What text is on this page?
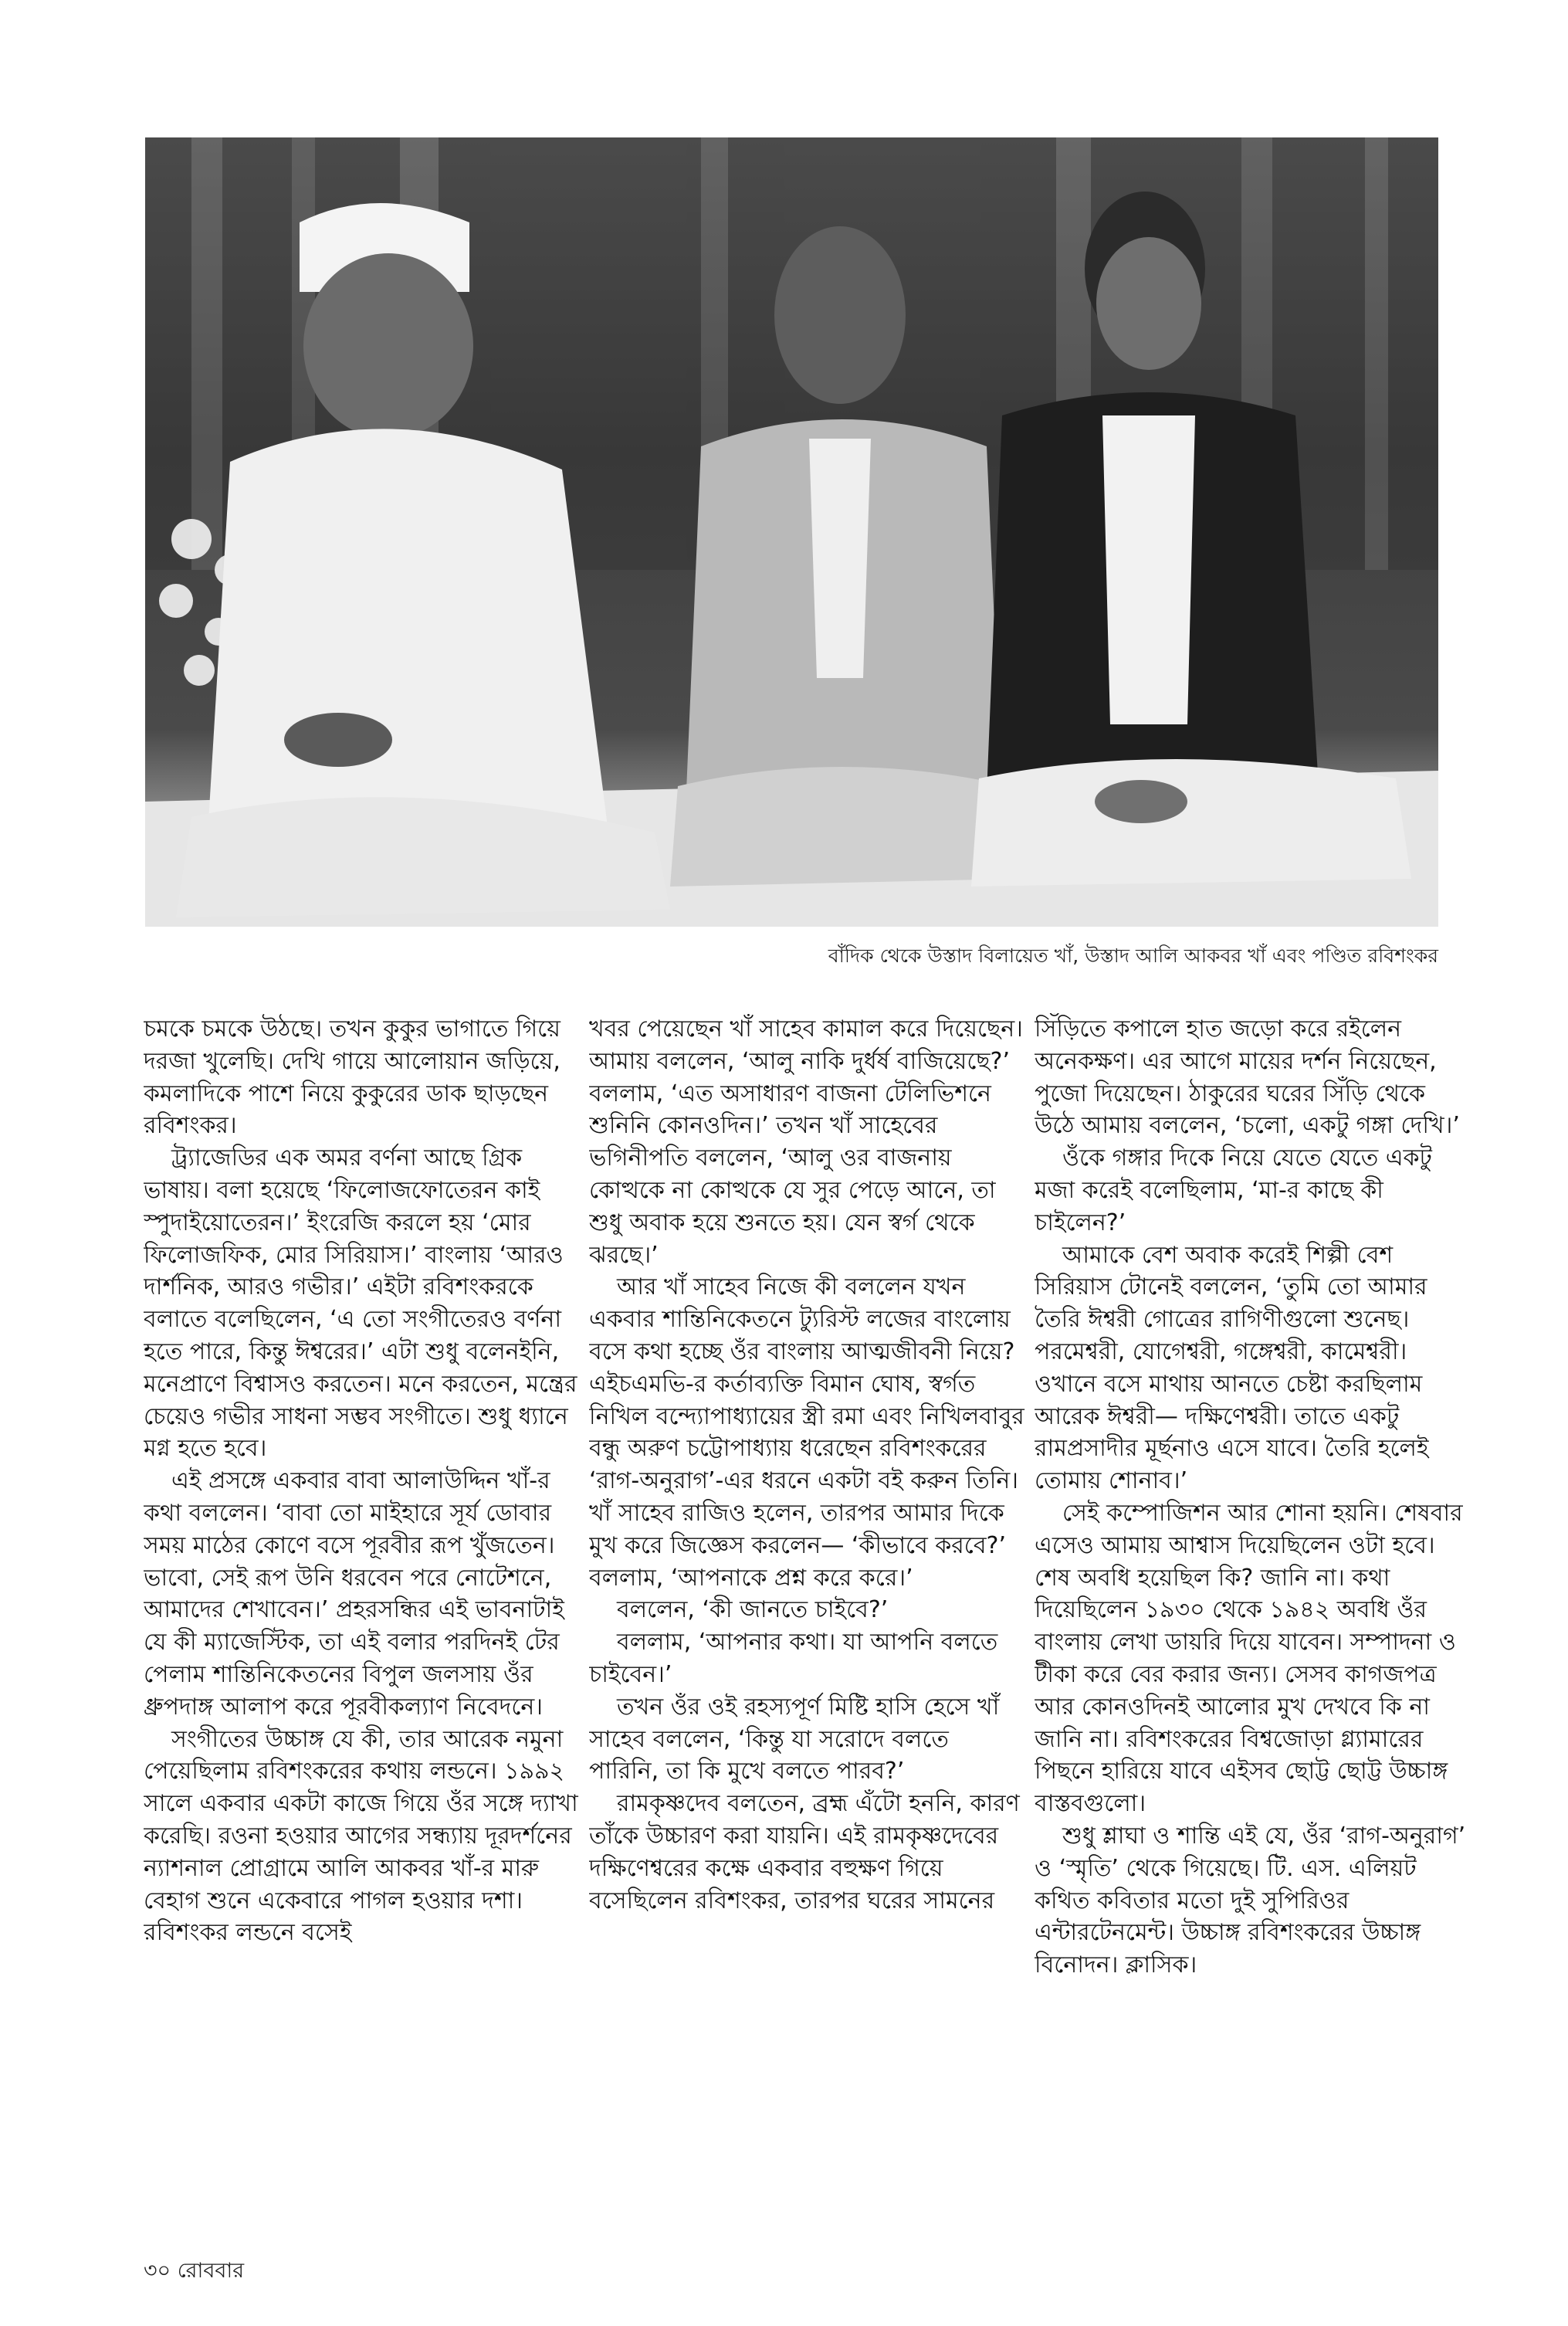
বাঁদিক থেকে উস্তাদ বিলায়েত খাঁ, উস্তাদ আলি আকবর খাঁ এবং পণ্ডিত রবিশংকর

চমকে চমকে উঠছে। তখন কুকুর ভাগাতে গিয়ে দরজা খুলেছি। দেখি গায়ে আলোয়ান জড়িয়ে, কমলাদিকে পাশে নিয়ে কুকুরের ডাক ছাড়ছেন রবিশংকর।

ট্র্যাজেডির এক অমর বর্ণনা আছে গ্রিক ভাষায়। বলা হয়েছে ‘ফিলোজফোতেরন কাই স্পুদাইয়োতেরন।’ ইংরেজি করলে হয় ‘মোর ফিলোজফিক, মোর সিরিয়াস।’ বাংলায় ‘আরও দার্শনিক, আরও গভীর।’ এইটা রবিশংকরকে বলাতে বলেছিলেন, ‘এ তো সংগীতেরও বর্ণনা হতে পারে, কিন্তু ঈশ্বরের।’ এটা শুধু বলেনইনি, মনেপ্রাণে বিশ্বাসও করতেন। মনে করতেন, মন্ত্রের চেয়েও গভীর সাধনা সম্ভব সংগীতে। শুধু ধ্যানে মগ্ন হতে হবে।

এই প্রসঙ্গে একবার বাবা আলাউদ্দিন খাঁ-র কথা বললেন। ‘বাবা তো মাইহারে সূর্য ডোবার সময় মাঠের কোণে বসে পূরবীর রূপ খুঁজতেন। ভাবো, সেই রূপ উনি ধরবেন পরে নোটেশনে, আমাদের শেখাবেন।’ প্রহরসন্ধির এই ভাবনাটাই যে কী ম্যাজেস্টিক, তা এই বলার পরদিনই টের পেলাম শান্তিনিকেতনের বিপুল জলসায় ওঁর ধ্রুপদাঙ্গ আলাপ করে পূরবীকল্যাণ নিবেদনে।

সংগীতের উচ্চাঙ্গ যে কী, তার আরেক নমুনা পেয়েছিলাম রবিশংকরের কথায় লন্ডনে। ১৯৯২ সালে একবার একটা কাজে গিয়ে ওঁর সঙ্গে দ্যাখা করেছি। রওনা হওয়ার আগের সন্ধ্যায় দূরদর্শনের ন্যাশনাল প্রোগ্রামে আলি আকবর খাঁ-র মারু বেহাগ শুনে একেবারে পাগল হওয়ার দশা। রবিশংকর লন্ডনে বসেই

খবর পেয়েছেন খাঁ সাহেব কামাল করে দিয়েছেন। আমায় বললেন, ‘আলু নাকি দুর্ধর্ষ বাজিয়েছে?’ বললাম, ‘এত অসাধারণ বাজনা টেলিভিশনে শুনিনি কোনওদিন।’ তখন খাঁ সাহেবের ভগিনীপতি বললেন, ‘আলু ওর বাজনায় কোত্থকে না কোত্থকে যে সুর পেড়ে আনে, তা শুধু অবাক হয়ে শুনতে হয়। যেন স্বর্গ থেকে ঝরছে।’

আর খাঁ সাহেব নিজে কী বললেন যখন একবার শান্তিনিকেতনে ট্যুরিস্ট লজের বাংলোয় বসে কথা হচ্ছে ওঁর বাংলায় আত্মজীবনী নিয়ে? এইচএমভি-র কর্তাব্যক্তি বিমান ঘোষ, স্বর্গত নিখিল বন্দ্যোপাধ্যায়ের স্ত্রী রমা এবং নিখিলবাবুর বন্ধু অরুণ চট্টোপাধ্যায় ধরেছেন রবিশংকরের ‘রাগ-অনুরাগ’-এর ধরনে একটা বই করুন তিনি। খাঁ সাহেব রাজিও হলেন, তারপর আমার দিকে মুখ করে জিজ্ঞেস করলেন— ‘কীভাবে করবে?’ বললাম, ‘আপনাকে প্রশ্ন করে করে।’

বললেন, ‘কী জানতে চাইবে?’

বললাম, ‘আপনার কথা। যা আপনি বলতে চাইবেন।’

তখন ওঁর ওই রহস্যপূর্ণ মিষ্টি হাসি হেসে খাঁ সাহেব বললেন, ‘কিন্তু যা সরোদে বলতে পারিনি, তা কি মুখে বলতে পারব?’

রামকৃষ্ণদেব বলতেন, ব্রহ্ম এঁটো হননি, কারণ তাঁকে উচ্চারণ করা যায়নি। এই রামকৃষ্ণদেবের দক্ষিণেশ্বরের কক্ষে একবার বহুক্ষণ গিয়ে বসেছিলেন রবিশংকর, তারপর ঘরের সামনের

সিঁড়িতে কপালে হাত জড়ো করে রইলেন অনেকক্ষণ। এর আগে মায়ের দর্শন নিয়েছেন, পুজো দিয়েছেন। ঠাকুরের ঘরের সিঁড়ি থেকে উঠে আমায় বললেন, ‘চলো, একটু গঙ্গা দেখি।’

ওঁকে গঙ্গার দিকে নিয়ে যেতে যেতে একটু মজা করেই বলেছিলাম, ‘মা-র কাছে কী চাইলেন?’

আমাকে বেশ অবাক করেই শিল্পী বেশ সিরিয়াস টোনেই বললেন, ‘তুমি তো আমার তৈরি ঈশ্বরী গোত্রের রাগিণীগুলো শুনেছ। পরমেশ্বরী, যোগেশ্বরী, গঙ্গেশ্বরী, কামেশ্বরী। ওখানে বসে মাথায় আনতে চেষ্টা করছিলাম আরেক ঈশ্বরী— দক্ষিণেশ্বরী। তাতে একটু রামপ্রসাদীর মূর্ছনাও এসে যাবে। তৈরি হলেই তোমায় শোনাব।’

সেই কম্পোজিশন আর শোনা হয়নি। শেষবার এসেও আমায় আশ্বাস দিয়েছিলেন ওটা হবে। শেষ অবধি হয়েছিল কি? জানি না। কথা দিয়েছিলেন ১৯৩০ থেকে ১৯৪২ অবধি ওঁর বাংলায় লেখা ডায়রি দিয়ে যাবেন। সম্পাদনা ও টীকা করে বের করার জন্য। সেসব কাগজপত্র আর কোনওদিনই আলোর মুখ দেখবে কি না জানি না। রবিশংকরের বিশ্বজোড়া গ্ল্যামারের পিছনে হারিয়ে যাবে এইসব ছোট্ট ছোট্ট উচ্চাঙ্গ বাস্তবগুলো।

শুধু শ্লাঘা ও শান্তি এই যে, ওঁর ‘রাগ-অনুরাগ’ ও ‘স্মৃতি’ থেকে গিয়েছে। টি. এস. এলিয়ট কথিত কবিতার মতো দুই সুপিরিওর এন্টারটেনমেন্ট। উচ্চাঙ্গ রবিশংকরের উচ্চাঙ্গ বিনোদন। ক্লাসিক।

৩০ রোববার
